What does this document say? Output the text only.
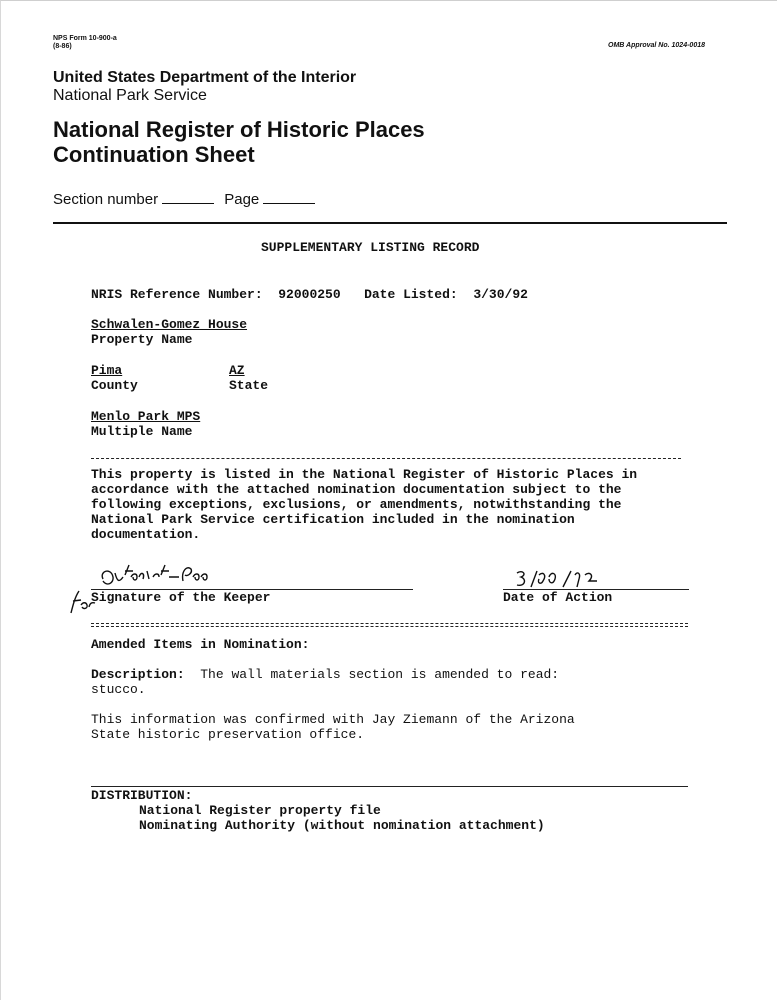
NPS Form 10-900-a
(8-86)	OMB Approval No. 1024-0018
United States Department of the Interior
National Park Service
National Register of Historic Places
Continuation Sheet
Section number	Page
SUPPLEMENTARY LISTING RECORD
NRIS Reference Number: 92000250 Date Listed: 3/30/92
Schwalen-Gomez House
Property Name
Pima
County
AZ
State
Menlo Park MPS
Multiple Name
This property is listed in the National Register of Historic Places in accordance with the attached nomination documentation subject to the following exceptions, exclusions, or amendments, notwithstanding the National Park Service certification included in the nomination documentation.
Signature of the Keeper	Date of Action
Amended Items in Nomination:
Description: The wall materials section is amended to read:
stucco.
This information was confirmed with Jay Ziemann of the Arizona
State historic preservation office.
DISTRIBUTION:
National Register property file
Nominating Authority (without nomination attachment)
